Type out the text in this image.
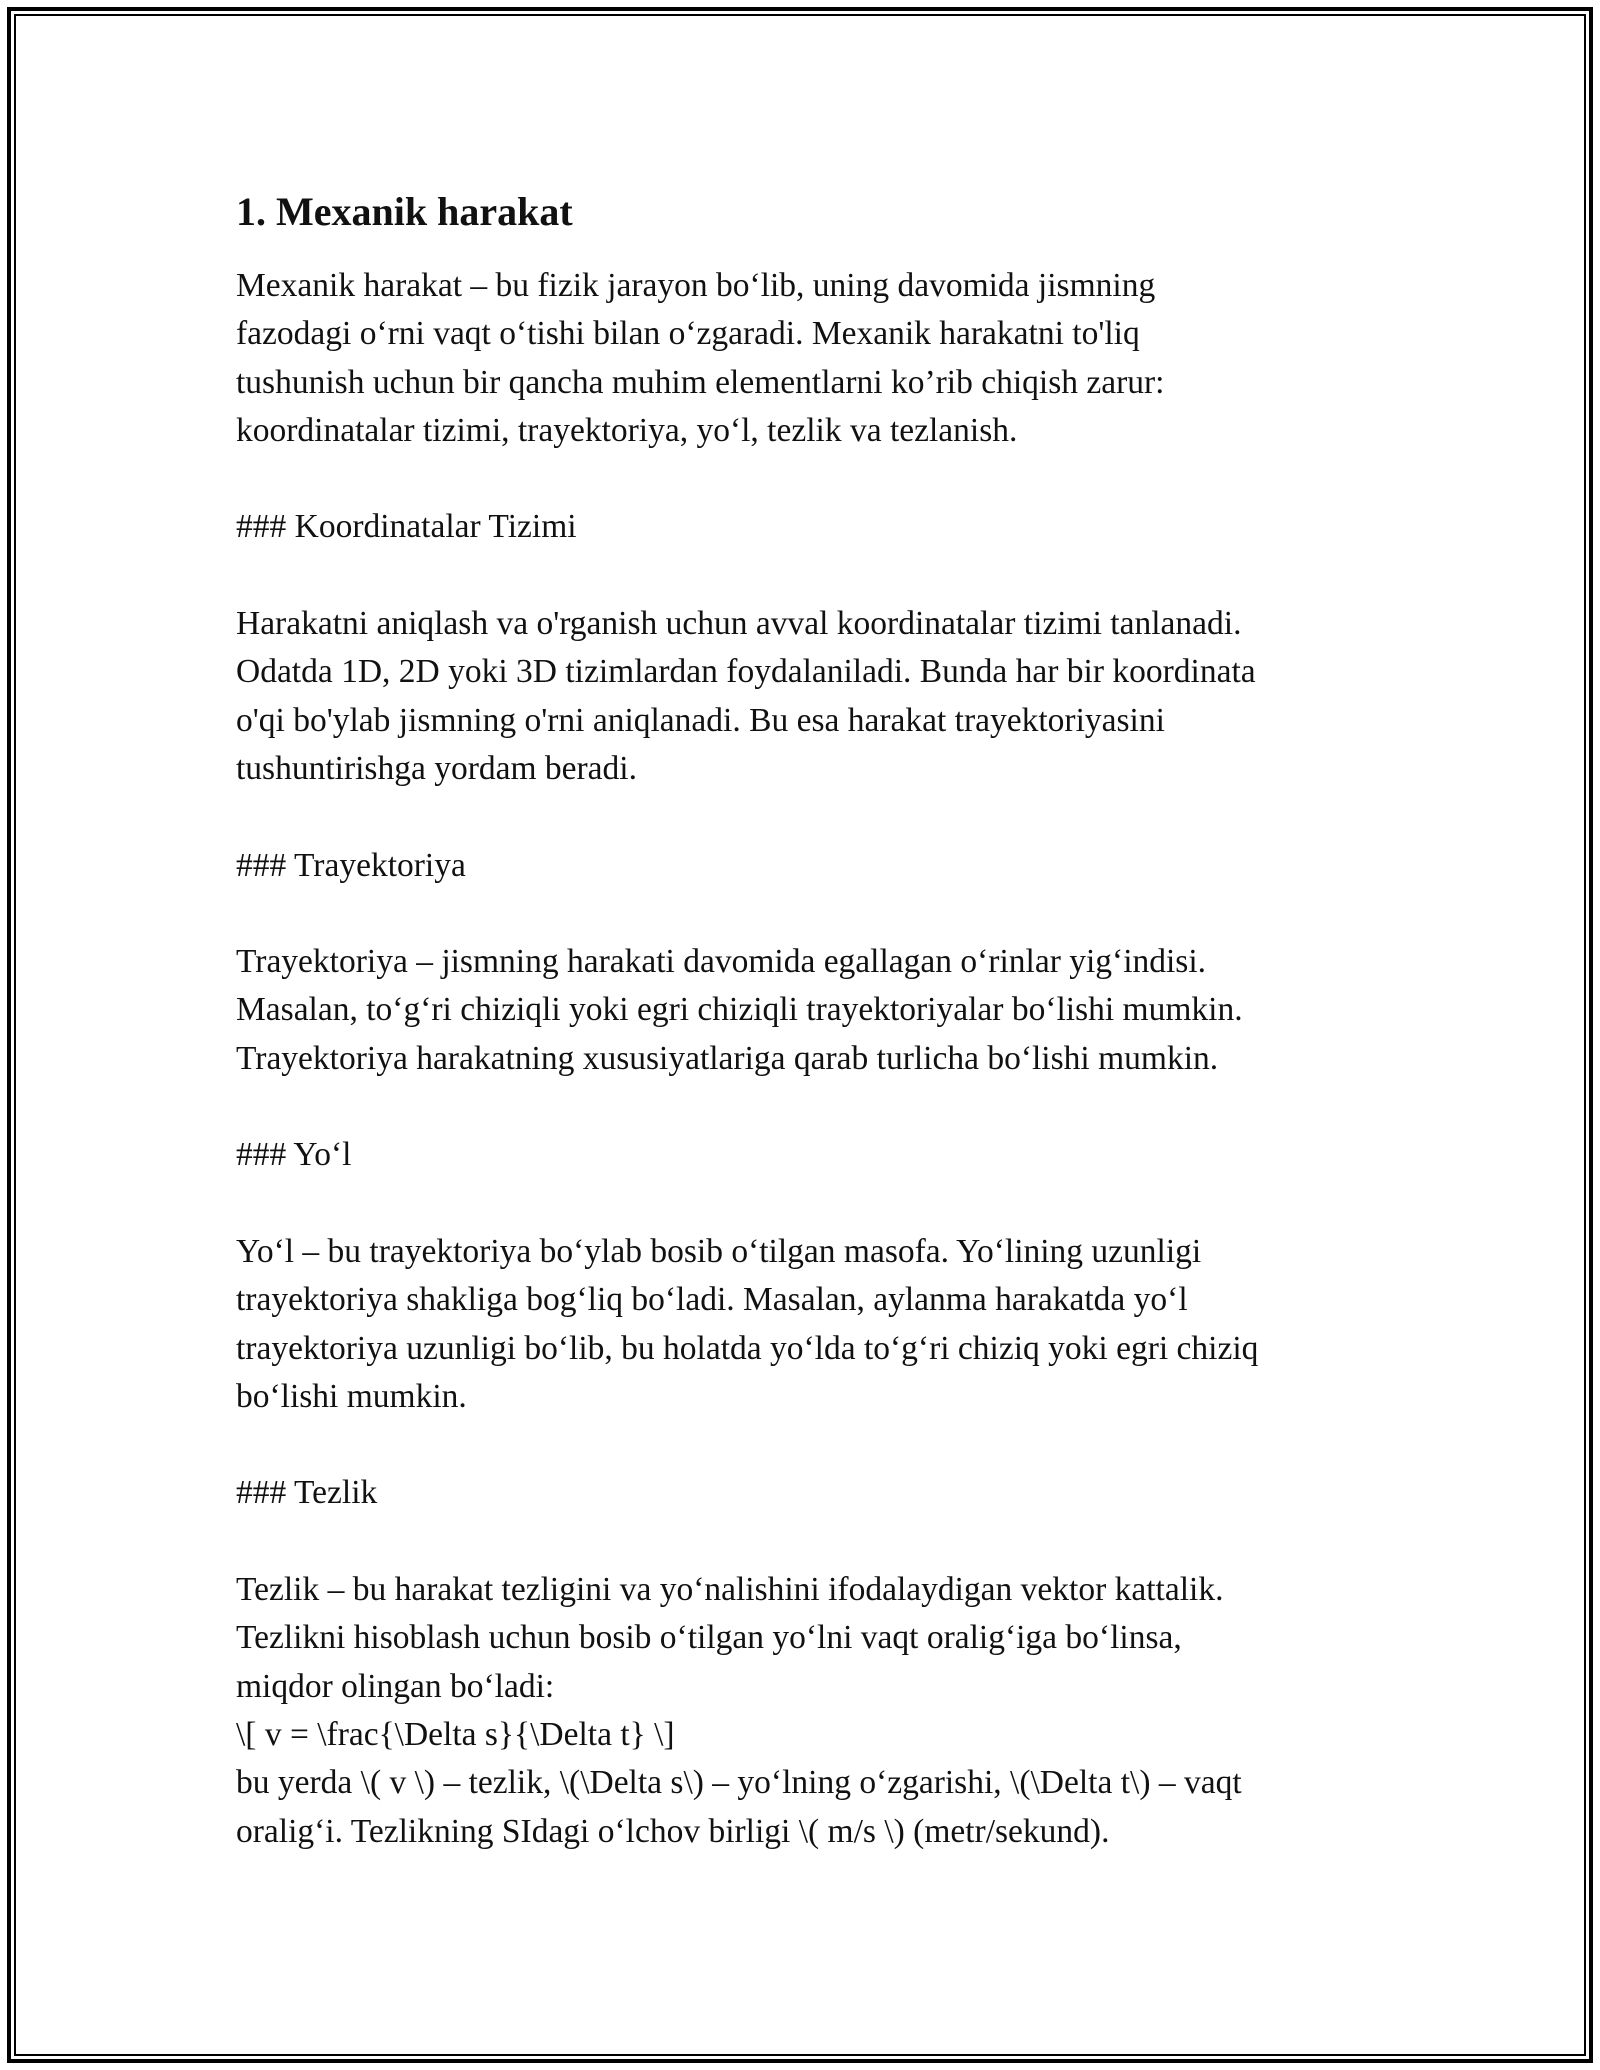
1. Mexanik harakat

Mexanik harakat – bu fizik jarayon bo‘lib, uning davomida jismning
fazodagi o‘rni vaqt o‘tishi bilan o‘zgaradi. Mexanik harakatni to'liq
tushunish uchun bir qancha muhim elementlarni ko’rib chiqish zarur:
koordinatalar tizimi, trayektoriya, yo‘l, tezlik va tezlanish.

### Koordinatalar Tizimi

Harakatni aniqlash va o'rganish uchun avval koordinatalar tizimi tanlanadi.
Odatda 1D, 2D yoki 3D tizimlardan foydalaniladi. Bunda har bir koordinata
o'qi bo'ylab jismning o'rni aniqlanadi. Bu esa harakat trayektoriyasini
tushuntirishga yordam beradi.

### Trayektoriya

Trayektoriya – jismning harakati davomida egallagan o‘rinlar yig‘indisi.
Masalan, to‘g‘ri chiziqli yoki egri chiziqli trayektoriyalar bo‘lishi mumkin.
Trayektoriya harakatning xususiyatlariga qarab turlicha bo‘lishi mumkin.

### Yo‘l

Yo‘l – bu trayektoriya bo‘ylab bosib o‘tilgan masofa. Yo‘lining uzunligi
trayektoriya shakliga bog‘liq bo‘ladi. Masalan, aylanma harakatda yo‘l
trayektoriya uzunligi bo‘lib, bu holatda yo‘lda to‘g‘ri chiziq yoki egri chiziq
bo‘lishi mumkin.

### Tezlik

Tezlik – bu harakat tezligini va yo‘nalishini ifodalaydigan vektor kattalik.
Tezlikni hisoblash uchun bosib o‘tilgan yo‘lni vaqt oralig‘iga bo‘linsa,
miqdor olingan bo‘ladi:
\[ v = \frac{\Delta s}{\Delta t} \]
bu yerda \( v \) – tezlik, \(\Delta s\) – yo‘lning o‘zgarishi, \(\Delta t\) – vaqt
oralig‘i. Tezlikning SIdagi o‘lchov birligi \( m/s \) (metr/sekund).
